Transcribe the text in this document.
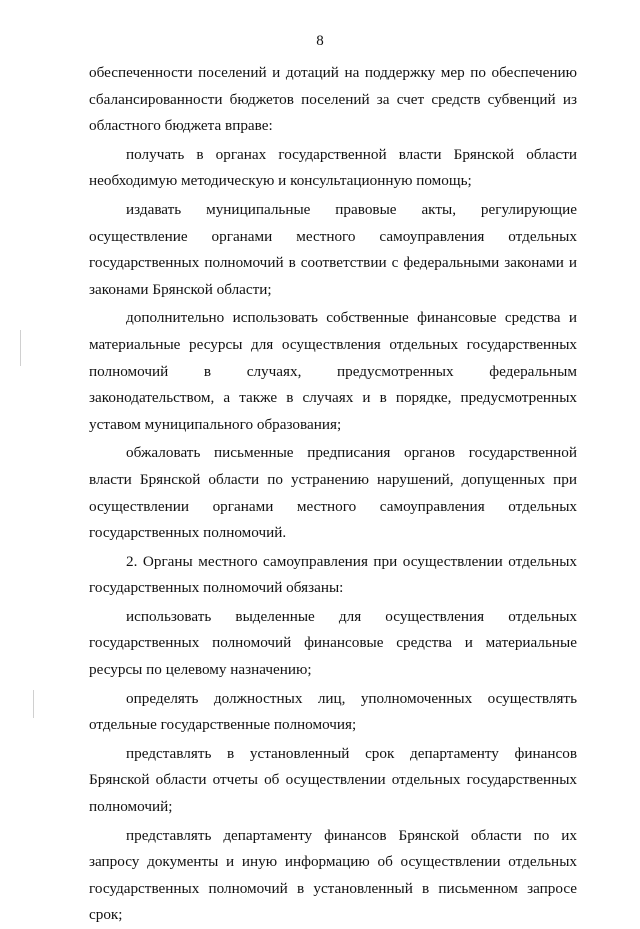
8

обеспеченности поселений и дотаций на поддержку мер по обеспечению сбалансированности бюджетов поселений за счет средств субвенций из областного бюджета вправе:

получать в органах государственной власти Брянской области необходимую методическую и консультационную помощь;

издавать муниципальные правовые акты, регулирующие осуществление органами местного самоуправления отдельных государственных полномочий в соответствии с федеральными законами и законами Брянской области;

дополнительно использовать собственные финансовые средства и материальные ресурсы для осуществления отдельных государственных полномочий в случаях, предусмотренных федеральным законодательством, а также в случаях и в порядке, предусмотренных уставом муниципального образования;

обжаловать письменные предписания органов государственной власти Брянской области по устранению нарушений, допущенных при осуществлении органами местного самоуправления отдельных государственных полномочий.

2. Органы местного самоуправления при осуществлении отдельных государственных полномочий обязаны:

использовать выделенные для осуществления отдельных государственных полномочий финансовые средства и материальные ресурсы по целевому назначению;

определять должностных лиц, уполномоченных осуществлять отдельные государственные полномочия;

представлять в установленный срок департаменту финансов Брянской области отчеты об осуществлении отдельных государственных полномочий;

представлять департаменту финансов Брянской области по их запросу документы и иную информацию об осуществлении отдельных государственных полномочий в установленный в письменном запросе срок;
